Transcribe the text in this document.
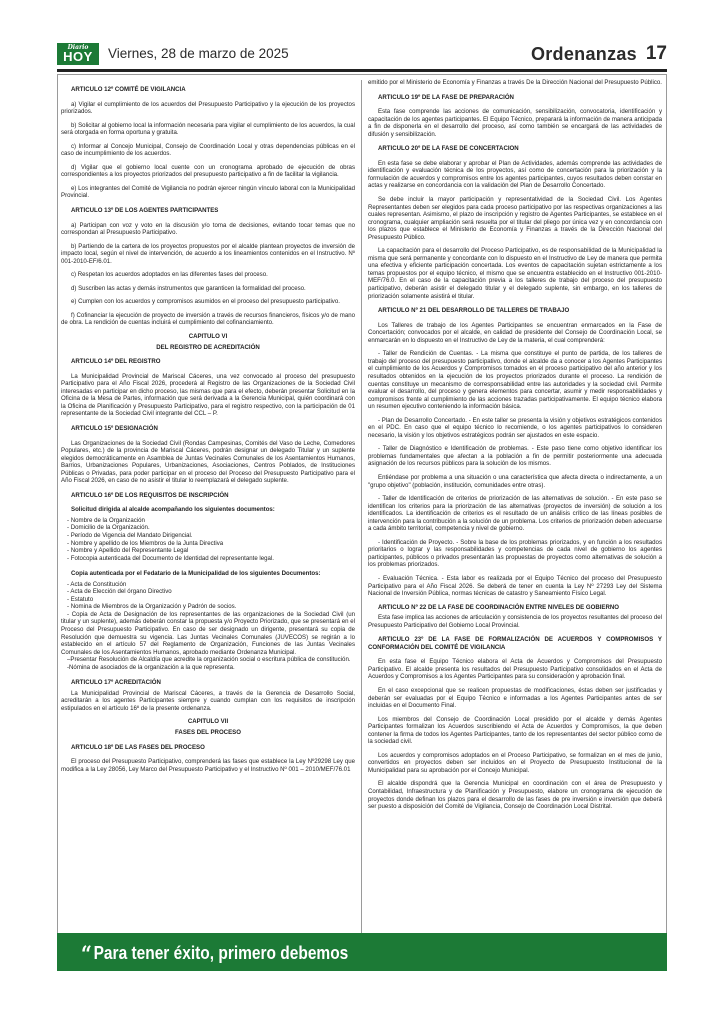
Diario
HOY	Viernes, 28 de marzo de 2025	Ordenanzas 17

ARTICULO 12º COMITÉ DE VIGILANCIA

a) Vigilar el cumplimiento de los acuerdos del Presupuesto Participativo y la ejecución de los proyectos priorizados.

b) Solicitar al gobierno local la información necesaria para vigilar el cumplimiento de los acuerdos, la cual será otorgada en forma oportuna y gratuita.

c) Informar al Concejo Municipal, Consejo de Coordinación Local y otras dependencias públicas en el caso de incumplimiento de los acuerdos.

d) Vigilar que el gobierno local cuente con un cronograma aprobado de ejecución de obras correspondientes a los proyectos priorizados del presupuesto participativo a fin de facilitar la vigilancia.

e) Los integrantes del Comité de Vigilancia no podrán ejercer ningún vínculo laboral con la Municipalidad Provincial.

ARTICULO 13º DE LOS AGENTES PARTICIPANTES

a) Participan con voz y voto en la discusión y/o toma de decisiones, evitando tocar temas que no correspondan al Presupuesto Participativo.

b) Partiendo de la cartera de los proyectos propuestos por el alcalde plantean proyectos de inversión de impacto local, según el nivel de intervención, de acuerdo a los lineamientos contenidos en el Instructivo. Nº 001-2010-EF/6.01.

c) Respetan los acuerdos adoptados en las diferentes fases del proceso.

d) Suscriben las actas y demás instrumentos que garanticen la formalidad del proceso.

e) Cumplen con los acuerdos y compromisos asumidos en el proceso del presupuesto participativo.

f) Cofinanciar la ejecución de proyecto de inversión a través de recursos financieros, físicos y/o de mano de obra. La rendición de cuentas incluirá el cumplimiento del cofinanciamiento.

CAPITULO VI

DEL REGISTRO DE ACREDITACIÓN

ARTICULO 14º DEL REGISTRO

La Municipalidad Provincial de Mariscal Cáceres, una vez convocado al proceso del presupuesto Participativo para el Año Fiscal 2026, procederá al Registro de las Organizaciones de la Sociedad Civil interesadas en participar en dicho proceso, las mismas que para el efecto, deberán presentar Solicitud en la Oficina de la Mesa de Partes, información que será derivada a la Gerencia Municipal, quién coordinará con la Oficina de Planificación y Presupuesto Participativo, para el registro respectivo, con la participación de 01 representante de la Sociedad Civil integrante del CCL – P.

ARTICULO 15º DESIGNACIÓN

Las Organizaciones de la Sociedad Civil (Rondas Campesinas, Comités del Vaso de Leche, Comedores Populares, etc.) de la provincia de Mariscal Cáceres, podrán designar un delegado Titular y un suplente elegidos democráticamente en Asamblea de Juntas Vecinales Comunales de los Asentamientos Humanos, Barrios, Urbanizaciones Populares, Urbanizaciones, Asociaciones, Centros Poblados, de Instituciones Públicas o Privadas, para poder participar en el proceso del Proceso del Presupuesto Participativo para el Año Fiscal 2026, en caso de no asistir el titular lo reemplazará el delegado suplente.

ARTICULO 16º DE LOS REQUISITOS DE INSCRIPCIÓN

Solicitud dirigida al alcalde acompañando los siguientes documentos:

- Nombre de la Organización

- Domicilio de la Organización.

- Período de Vigencia del Mandato Dirigencial.

- Nombre y apellido de los Miembros de la Junta Directiva

- Nombre y Apellido del Representante Legal

- Fotocopia autenticada del Documento de Identidad del representante legal.

Copia autenticada por el Fedatario de la Municipalidad de los siguientes Documentos:

- Acta de Constitución

- Acta de Elección del órgano Directivo

- Estatuto

- Nomina de Miembros de la Organización y Padrón de socios.

- Copia de Acta de Designación de los representantes de las organizaciones de la Sociedad Civil (un titular y un suplente), además deberán constar la propuesta y/o Proyecto Priorizado, que se presentará en el Proceso del Presupuesto Participativo. En caso de ser designado un dirigente, presentará su copia de Resolución que demuestra su vigencia. Las Juntas Vecinales Comunales (JUVECOS) se regirán a lo establecido en el artículo 57 del Reglamento de Organización, Funciones de las Juntas Vecinales Comunales de los Asentamientos Humanos, aprobado mediante Ordenanza Municipal.

–Presentar Resolución de Alcaldía que acredite la organización social o escritura pública de constitución.

-Nómina de asociados de la organización a la que representa.

ARTICULO 17º ACREDITACIÓN

La Municipalidad Provincial de Mariscal Cáceres, a través de la Gerencia de Desarrollo Social, acreditarán a los agentes Participantes siempre y cuando cumplan con los requisitos de inscripción estipulados en el artículo 16º de la presente ordenanza.

CAPITULO VII

FASES DEL PROCESO

ARTICULO 18º DE LAS FASES DEL PROCESO

El proceso del Presupuesto Participativo, comprenderá las fases que establece la Ley Nº29298 Ley que modifica a la Ley 28056, Ley Marco del Presupuesto Participativo y el Instructivo Nº 001 – 2010/MEF/76.01

emitido por el Ministerio de Economía y Finanzas a través De la Dirección Nacional del Presupuesto Público.

ARTICULO 19º DE LA FASE DE PREPARACIÓN

Esta fase comprende las acciones de comunicación, sensibilización, convocatoria, identificación y capacitación de los agentes participantes. El Equipo Técnico, preparará la información de manera anticipada a fin de disponerla en el desarrollo del proceso, así como también se encargará de las actividades de difusión y sensibilización.

ARTICULO 20º DE LA FASE DE CONCERTACION

En esta fase se debe elaborar y aprobar el Plan de Actividades, además comprende las actividades de identificación y evaluación técnica de los proyectos, así como de concertación para la priorización y la formulación de acuerdos y compromisos entre los agentes participantes, cuyos resultados deben constar en actas y realizarse en concordancia con la validación del Plan de Desarrollo Concertado.

Se debe incluir la mayor participación y representatividad de la Sociedad Civil. Los Agentes Representantes deben ser elegidos para cada proceso participativo por las respectivas organizaciones a las cuales representan. Asimismo, el plazo de inscripción y registro de Agentes Participantes, se establece en el cronograma, cualquier ampliación será resuelta por el titular del pliego por única vez y en concordancia con los plazos que establece el Ministerio de Economía y Finanzas a través de la Dirección Nacional del Presupuesto Público.

La capacitación para el desarrollo del Proceso Participativo, es de responsabilidad de la Municipalidad la misma que será permanente y concordante con lo dispuesto en el Instructivo de Ley de manera que permita una efectiva y eficiente participación concertada. Los eventos de capacitación sujetan estrictamente a los temas propuestos por el equipo técnico, el mismo que se encuentra establecido en el Instructivo 001-2010-MEF/76.0. En el caso de la capacitación previa a los talleres de trabajo del proceso del presupuesto participativo, deberán asistir el delegado titular y el delegado suplente, sin embargo, en los talleres de priorización solamente asistirá el titular.

ARTICULO Nº 21 DEL DESARROLLO DE TALLERES DE TRABAJO

Los Talleres de trabajo de los Agentes Participantes se encuentran enmarcados en la Fase de Concertación; convocados por el alcalde, en calidad de presidente del Consejo de Coordinación Local, se enmarcarán en lo dispuesto en el Instructivo de Ley de la materia, el cual comprenderá:

- Taller de Rendición de Cuentas. - La misma que constituye el punto de partida, de los talleres de trabajo del proceso del presupuesto participativo, donde el alcalde da a conocer a los Agentes Participantes el cumplimiento de los Acuerdos y Compromisos tomados en el proceso participativo del año anterior y los resultados obtenidos en la ejecución de los proyectos priorizados durante el proceso. La rendición de cuentas constituye un mecanismo de corresponsabilidad entre las autoridades y la sociedad civil. Permite evaluar el desarrollo, del proceso y genera elementos para concertar, asumir y medir responsabilidades y compromisos frente al cumplimiento de las acciones trazadas participativamente. El equipo técnico elabora un resumen ejecutivo conteniendo la información básica.

- Plan de Desarrollo Concertado. - En este taller se presenta la visión y objetivos estratégicos contenidos en el PDC. En caso que el equipo técnico lo recomiende, o los agentes participativos lo consideren necesario, la visión y los objetivos estratégicos podrán ser ajustados en este espacio.

- Taller de Diagnóstico e Identificación de problemas. - Este paso tiene como objetivo identificar los problemas fundamentales que afectan a la población a fin de permitir posteriormente una adecuada asignación de los recursos públicos para la solución de los mismos.

Entiéndase por problema a una situación o una característica que afecta directa o indirectamente, a un "grupo objetivo" (población, institución, comunidades entre otras).

- Taller de Identificación de criterios de priorización de las alternativas de solución. - En este paso se identifican los criterios para la priorización de las alternativas (proyectos de inversión) de solución a los identificados. La identificación de criterios es el resultado de un análisis crítico de las líneas posibles de intervención para la contribución a la solución de un problema. Los criterios de priorización deben adecuarse a cada ámbito territorial, competencia y nivel de gobierno.

- Identificación de Proyecto. - Sobre la base de los problemas priorizados, y en función a los resultados prioritarios o lograr y las responsabilidades y competencias de cada nivel de gobierno los agentes participantes, públicos o privados presentarán las propuestas de proyectos como alternativas de solución a los problemas priorizados.

- Evaluación Técnica. - Esta labor es realizada por el Equipo Técnico del proceso del Presupuesto Participativo para el Año Fiscal 2026. Se deberá de tener en cuenta la Ley Nº 27293 Ley del Sistema Nacional de Inversión Pública, normas técnicas de catastro y Saneamiento Físico Legal.

ARTICULO Nº 22 DE LA FASE DE COORDINACIÓN ENTRE NIVELES DE GOBIERNO

Esta fase implica las acciones de articulación y consistencia de los proyectos resultantes del proceso del Presupuesto Participativo del Gobierno Local Provincial.

ARTICULO 23º DE LA FASE DE FORMALIZACIÓN DE ACUERDOS Y COMPROMISOS Y CONFORMACIÓN DEL COMITÉ DE VIGILANCIA

En esta fase el Equipo Técnico elabora el Acta de Acuerdos y Compromisos del Presupuesto Participativo. El alcalde presenta los resultados del Presupuesto Participativo consolidados en el Acta de Acuerdos y Compromisos a los Agentes Participantes para su consideración y aprobación final.

En el caso excepcional que se realicen propuestas de modificaciones, éstas deben ser justificadas y deberán ser evaluadas por el Equipo Técnico e informadas a los Agentes Participantes antes de ser incluidas en el Documento Final.

Los miembros del Consejo de Coordinación Local presidido por el alcalde y demás Agentes Participantes formalizan los Acuerdos suscribiendo el Acta de Acuerdos y Compromisos, la que deben contener la firma de todos los Agentes Participantes, tanto de los representantes del sector público como de la sociedad civil.

Los acuerdos y compromisos adoptados en el Proceso Participativo, se formalizan en el mes de junio, convertidos en proyectos deben ser incluidos en el Proyecto de Presupuesto Institucional de la Municipalidad para su aprobación por el Concejo Municipal.

El alcalde dispondrá que la Gerencia Municipal en coordinación con el área de Presupuesto y Contabilidad, Infraestructura y de Planificación y Presupuesto, elabore un cronograma de ejecución de proyectos donde definan los plazos para el desarrollo de las fases de pre inversión e inversión que deberá ser puesto a disposición del Comité de Vigilancia, Consejo de Coordinación Local Distrital.

“Para tener éxito, primero debemos
